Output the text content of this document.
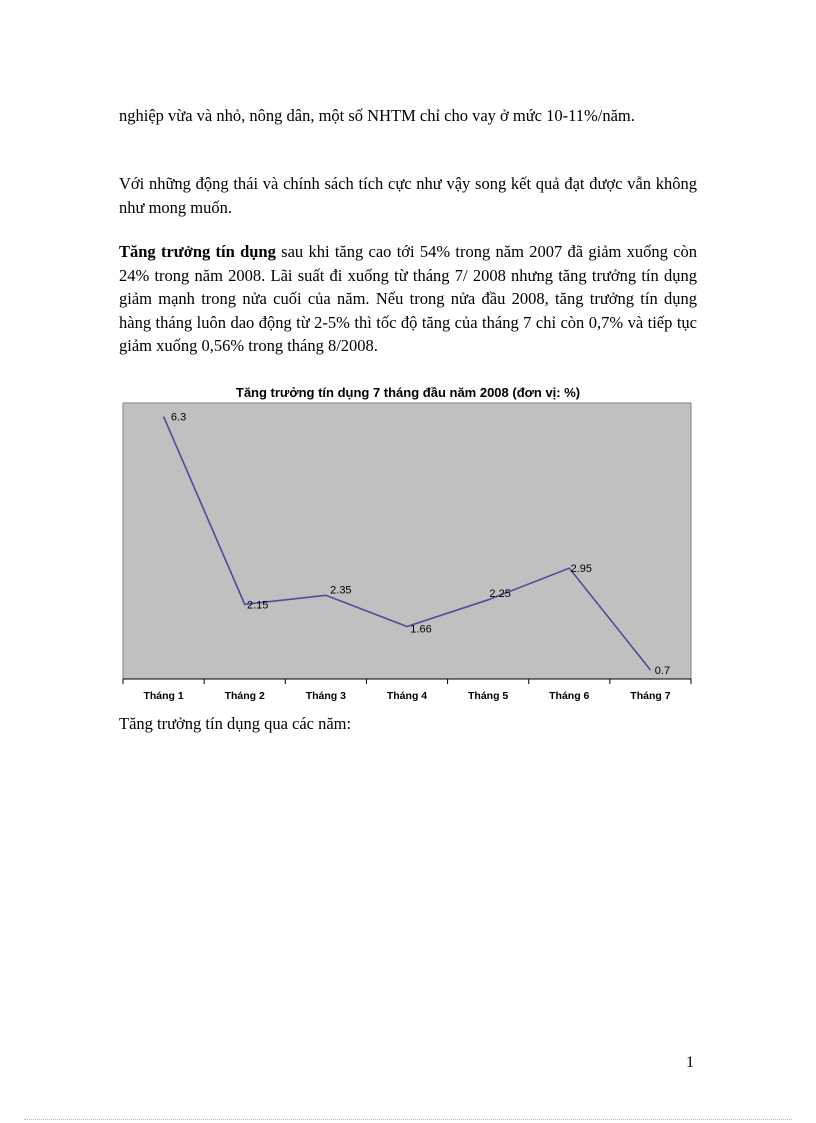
nghiệp vừa và nhỏ, nông dân, một số NHTM chỉ cho vay ở mức 10-11%/năm.

Với những động thái và chính sách tích cực như vậy song kết quả đạt được vẫn không như mong muốn.

Tăng trưởng tín dụng sau khi tăng cao tới 54% trong năm 2007 đã giảm xuống còn 24% trong năm 2008. Lãi suất đi xuống từ tháng 7/ 2008 nhưng tăng trưởng tín dụng giảm mạnh trong nửa cuối của năm. Nếu trong nửa đầu 2008, tăng trưởng tín dụng hàng tháng luôn dao động từ 2-5% thì tốc độ tăng của tháng 7 chỉ còn 0,7% và tiếp tục giảm xuống 0,56% trong tháng 8/2008.

Tăng trưởng tín dụng 7 tháng đầu năm 2008 (đơn vị: %)
Tháng 1	Tháng 2	Tháng 3	Tháng 4	Tháng 5	Tháng 6	Tháng 7
6.3
2.15
2.35
1.66
2.25
2.95
0.7

Tăng trưởng tín dụng qua các năm:

1
